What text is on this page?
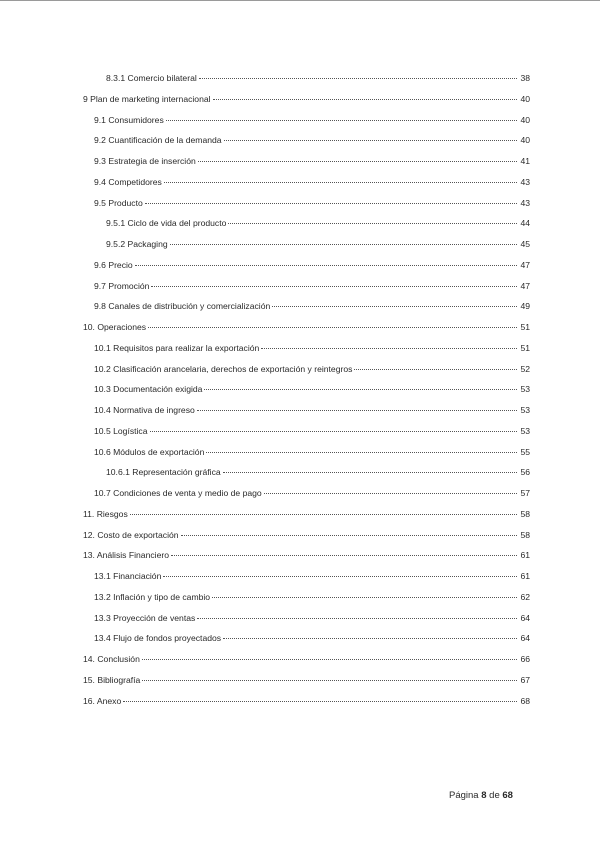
8.3.1 Comercio bilateral	38
9 Plan de marketing internacional	40
9.1 Consumidores	40
9.2 Cuantificación de la demanda	40
9.3 Estrategia de inserción	41
9.4 Competidores	43
9.5 Producto	43
9.5.1 Ciclo de vida del producto	44
9.5.2 Packaging	45
9.6 Precio	47
9.7 Promoción	47
9.8 Canales de distribución y comercialización	49
10. Operaciones	51
10.1 Requisitos para realizar la exportación	51
10.2 Clasificación arancelaria, derechos de exportación y reintegros	52
10.3 Documentación exigida	53
10.4 Normativa de ingreso	53
10.5 Logística	53
10.6 Módulos de exportación	55
10.6.1 Representación gráfica	56
10.7 Condiciones de venta y medio de pago	57
11. Riesgos	58
12. Costo de exportación	58
13. Análisis Financiero	61
13.1 Financiación	61
13.2 Inflación y tipo de cambio	62
13.3 Proyección de ventas	64
13.4 Flujo de fondos proyectados	64
14. Conclusión	66
15. Bibliografía	67
16. Anexo	68
Página 8 de 68
